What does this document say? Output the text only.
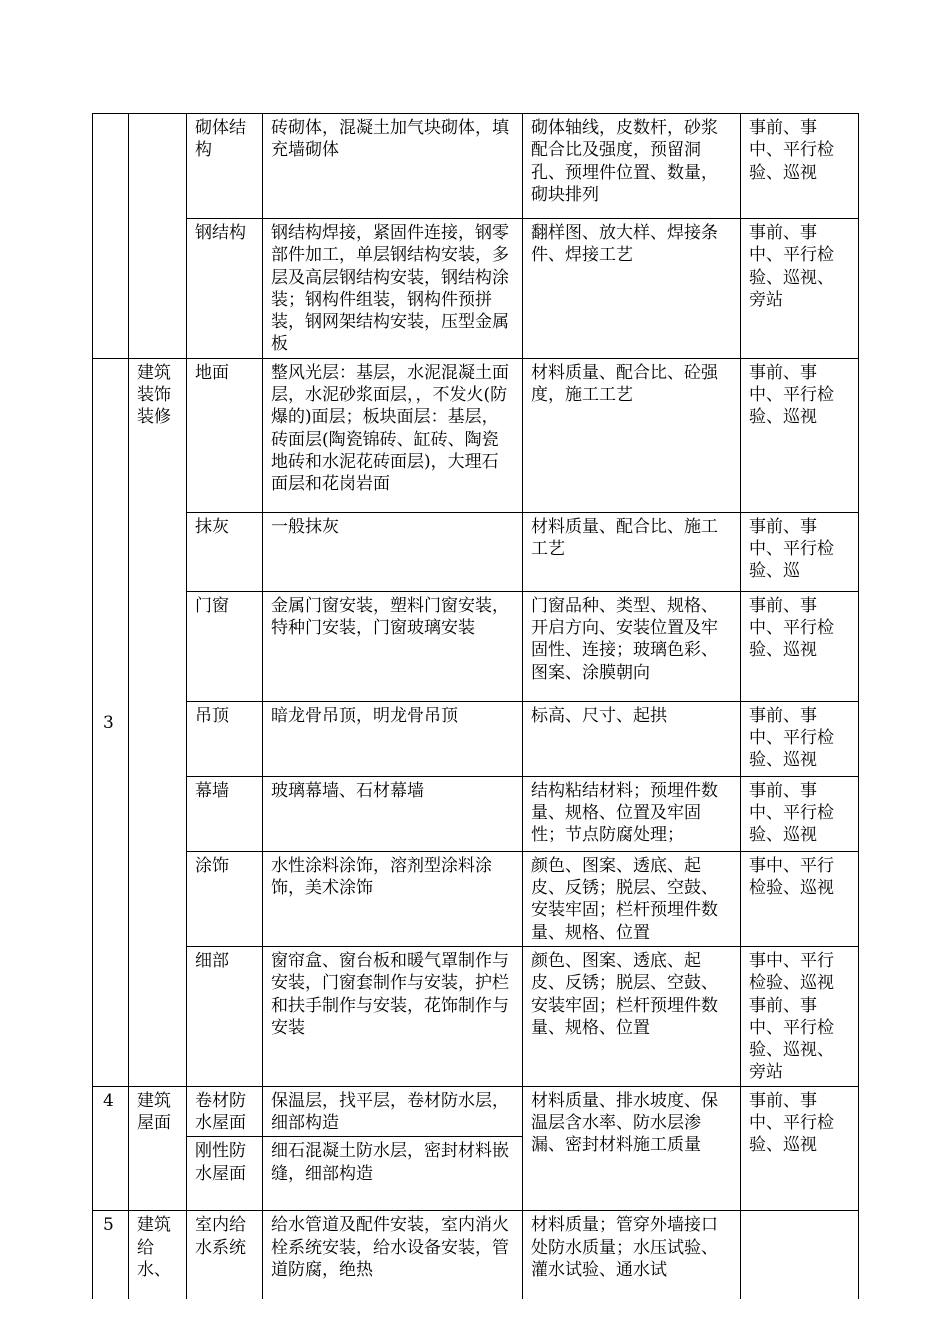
		砌体结构	砖砌体，混凝土加气块砌体，填充墙砌体	砌体轴线，皮数杆，砂浆配合比及强度，预留洞孔、预埋件位置、数量，砌块排列	事前、事中、平行检验、巡视
		钢结构	钢结构焊接，紧固件连接，钢零部件加工，单层钢结构安装，多层及高层钢结构安装，钢结构涂装；钢构件组装，钢构件预拼装，钢网架结构安装，压型金属板	翻样图、放大样、焊接条件、焊接工艺	事前、事中、平行检验、巡视、旁站
3	建筑装饰装修	地面	整风光层：基层，水泥混凝土面层，水泥砂浆面层，，不发火(防爆的)面层；板块面层：基层，砖面层(陶瓷锦砖、缸砖、陶瓷地砖和水泥花砖面层)，大理石面层和花岗岩面	材料质量、配合比、砼强度，施工工艺	事前、事中、平行检验、巡视
		抹灰	一般抹灰	材料质量、配合比、施工工艺	事前、事中、平行检验、巡
		门窗	金属门窗安装，塑料门窗安装，特种门安装，门窗玻璃安装	门窗品种、类型、规格、开启方向、安装位置及牢固性、连接；玻璃色彩、图案、涂膜朝向	事前、事中、平行检验、巡视
		吊顶	暗龙骨吊顶，明龙骨吊顶	标高、尺寸、起拱	事前、事中、平行检验、巡视
		幕墙	玻璃幕墙、石材幕墙	结构粘结材料；预埋件数量、规格、位置及牢固性；节点防腐处理；	事前、事中、平行检验、巡视
		涂饰	水性涂料涂饰，溶剂型涂料涂饰，美术涂饰	颜色、图案、透底、起皮、反锈；脱层、空鼓、安装牢固；栏杆预埋件数量、规格、位置	事中、平行检验、巡视
		细部	窗帘盒、窗台板和暖气罩制作与安装，门窗套制作与安装，护栏和扶手制作与安装，花饰制作与安装	颜色、图案、透底、起皮、反锈；脱层、空鼓、安装牢固；栏杆预埋件数量、规格、位置	事中、平行检验、巡视事前、事中、平行检验、巡视、旁站
4	建筑屋面	卷材防水屋面	保温层，找平层，卷材防水层，细部构造	材料质量、排水坡度、保温层含水率、防水层渗漏、密封材料施工质量	事前、事中、平行检验、巡视
		刚性防水屋面	细石混凝土防水层，密封材料嵌缝，细部构造		
5	建筑给水、	室内给水系统	给水管道及配件安装，室内消火栓系统安装，给水设备安装，管道防腐，绝热	材料质量；管穿外墙接口处防水质量；水压试验、灌水试验、通水试	
